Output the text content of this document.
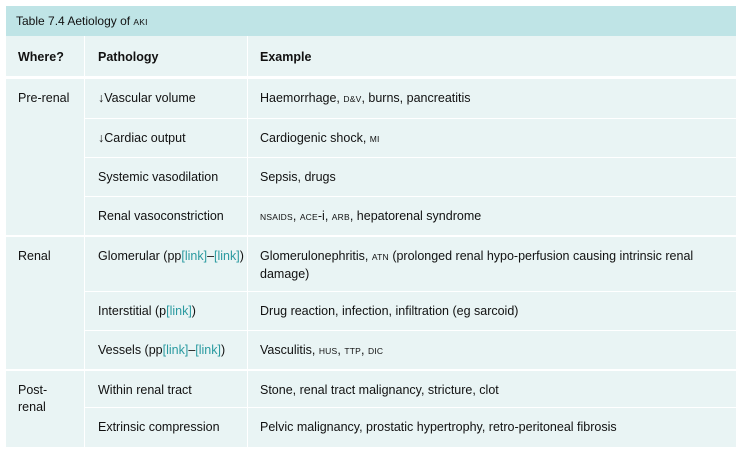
Table 7.4 Aetiology of AKI
Where?	Pathology	Example
Pre-renal	↓Vascular volume	Haemorrhage, D&V, burns, pancreatitis
	↓Cardiac output	Cardiogenic shock, MI
	Systemic vasodilation	Sepsis, drugs
	Renal vasoconstriction	NSAIDS, ACE-i, ARB, hepatorenal syndrome
Renal	Glomerular (pp[link]–[link])	Glomerulonephritis, ATN (prolonged renal hypo-perfusion causing intrinsic renal damage)
	Interstitial (p[link])	Drug reaction, infection, infiltration (eg sarcoid)
	Vessels (pp[link]–[link])	Vasculitis, HUS, TTP, DIC
Post-renal	Within renal tract	Stone, renal tract malignancy, stricture, clot
	Extrinsic compression	Pelvic malignancy, prostatic hypertrophy, retro-peritoneal fibrosis
